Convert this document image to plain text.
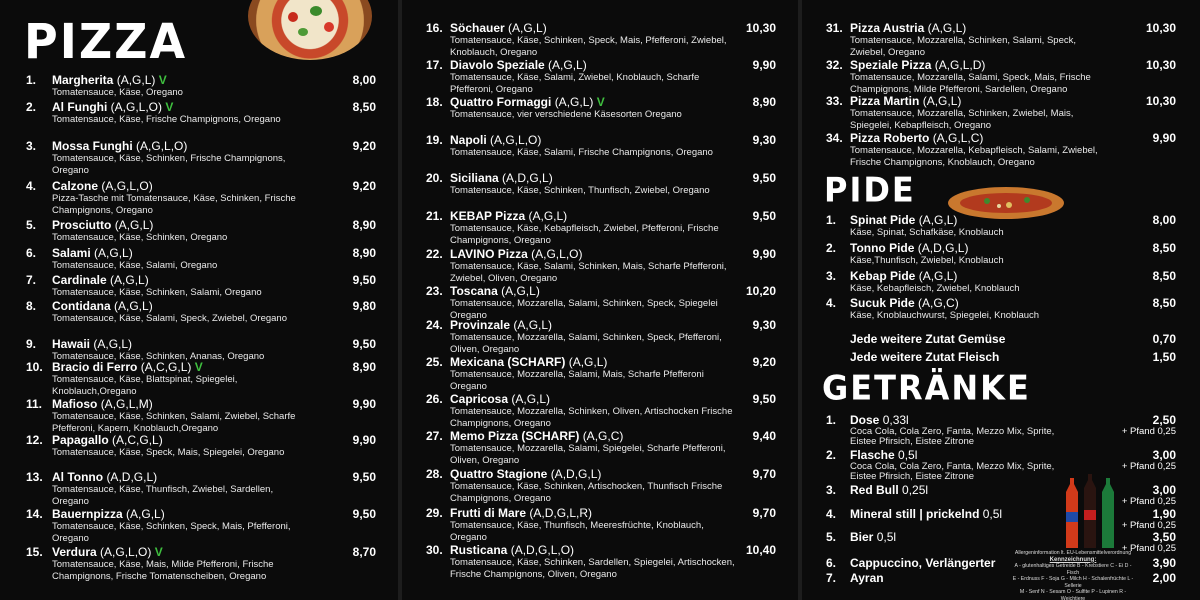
PIZZA
1. Margherita (A,G,L) V	8,00
Tomatensauce, Käse, Oregano
2. Al Funghi (A,G,L,O) V	8,50
Tomatensauce, Käse, Frische Champignons, Oregano
3. Mossa Funghi (A,G,L,O)	9,20
Tomatensauce, Käse, Schinken, Frische Champignons, Oregano
4. Calzone (A,G,L,O)	9,20
Pizza-Tasche mit Tomatensauce, Käse, Schinken, Frische Champignons, Oregano
5. Prosciutto (A,G,L)	8,90
Tomatensauce, Käse, Schinken, Oregano
6. Salami (A,G,L)	8,90
Tomatensauce, Käse, Salami, Oregano
7. Cardinale (A,G,L)	9,50
Tomatensauce, Käse, Schinken, Salami, Oregano
8. Contidana (A,G,L)	9,80
Tomatensauce, Käse, Salami, Speck, Zwiebel, Oregano
9. Hawaii (A,G,L)	9,50
Tomatensauce, Käse, Schinken, Ananas, Oregano
10. Bracio di Ferro (A,C,G,L) V	8,90
Tomatensauce, Käse, Blattspinat, Spiegelei, Knoblauch,Oregano
11. Mafioso (A,G,L,M)	9,90
Tomatensauce, Käse, Schinken, Salami, Zwiebel, Scharfe Pfefferoni, Kapern, Knoblauch,Oregano
12. Papagallo (A,C,G,L)	9,90
Tomatensauce, Käse, Speck, Mais, Spiegelei, Oregano
13. Al Tonno (A,D,G,L)	9,50
Tomatensauce, Käse, Thunfisch, Zwiebel, Sardellen, Oregano
14. Bauernpizza (A,G,L)	9,50
Tomatensauce, Käse, Schinken, Speck, Mais, Pfefferoni, Oregano
15. Verdura (A,G,L,O) V	8,70
Tomatensauce, Käse, Mais, Milde Pfefferoni, Frische Champignons, Frische Tomatenscheiben, Oregano
16. Söchauer (A,G,L)	10,30
Tomatensauce, Käse, Schinken, Speck, Mais, Pfefferoni, Zwiebel, Knoblauch, Oregano
17. Diavolo Speziale (A,G,L)	9,90
Tomatensauce, Käse, Salami, Zwiebel, Knoblauch, Scharfe Pfefferoni, Oregano
18. Quattro Formaggi (A,G,L) V	8,90
Tomatensauce, vier verschiedene Käsesorten Oregano
19. Napoli (A,G,L,O)	9,30
Tomatensauce, Käse, Salami, Frische Champignons, Oregano
20. Siciliana (A,D,G,L)	9,50
Tomatensauce, Käse, Schinken, Thunfisch, Zwiebel, Oregano
21. KEBAP Pizza (A,G,L)	9,50
Tomatensauce, Käse, Kebapfleisch, Zwiebel, Pfefferoni, Frische Champignons, Oregano
22. LAVINO Pizza (A,G,L,O)	9,90
Tomatensauce, Käse, Salami, Schinken, Mais, Scharfe Pfefferoni, Zwiebel, Oliven, Oregano
23. Toscana (A,G,L)	10,20
Tomatensauce, Mozzarella, Salami, Schinken, Speck, Spiegelei Oregano
24. Provinzale (A,G,L)	9,30
Tomatensauce, Mozzarella, Salami, Schinken, Speck, Pfefferoni, Oliven, Oregano
25. Mexicana (SCHARF) (A,G,L)	9,20
Tomatensauce, Mozzarella, Salami, Mais, Scharfe Pfefferoni Oregano
26. Capricosa (A,G,L)	9,50
Tomatensauce, Mozzarella, Schinken, Oliven, Artischocken Frische Champignons, Oregano
27. Memo Pizza (SCHARF) (A,G,C)	9,40
Tomatensauce, Mozzarella, Salami, Spiegelei, Scharfe Pfefferoni, Oliven, Oregano
28. Quattro Stagione (A,D,G,L)	9,70
Tomatensauce, Käse, Schinken, Artischocken, Thunfisch Frische Champignons, Oregano
29. Frutti di Mare (A,D,G,L,R)	9,70
Tomatensauce, Käse, Thunfisch, Meeresfrüchte, Knoblauch, Oregano
30. Rusticana (A,D,G,L,O)	10,40
Tomatensauce, Käse, Schinken, Sardellen, Spiegelei, Artischocken, Frische Champignons, Oliven, Oregano
31. Pizza Austria (A,G,L)	10,30
Tomatensauce, Mozzarella, Schinken, Salami, Speck, Zwiebel, Oregano
32. Speziale Pizza (A,G,L,D)	10,30
Tomatensauce, Mozzarella, Salami, Speck, Mais, Frische Champignons, Milde Pfefferoni, Sardellen, Oregano
33. Pizza Martin (A,G,L)	10,30
Tomatensauce, Mozzarella, Schinken, Zwiebel, Mais, Spiegelei, Kebapfleisch, Oregano
34. Pizza Roberto (A,G,L,C)	9,90
Tomatensauce, Mozzarella, Kebapfleisch, Salami, Zwiebel, Frische Champignons, Knoblauch, Oregano
PIDE
1. Spinat Pide (A,G,L)	8,00
Käse, Spinat, Schafkäse, Knoblauch
2. Tonno Pide (A,D,G,L)	8,50
Käse,Thunfisch, Zwiebel, Knoblauch
3. Kebap Pide (A,G,L)	8,50
Käse, Kebapfleisch, Zwiebel, Knoblauch
4. Sucuk Pide (A,G,C)	8,50
Käse, Knoblauchwurst, Spiegelei, Knoblauch
Jede weitere Zutat Gemüse	0,70
Jede weitere Zutat Fleisch	1,50
GETRÄNKE
1. Dose 0,33l	2,50
Coca Cola, Cola Zero, Fanta, Mezzo Mix, Sprite, Eistee Pfirsich, Eistee Zitrone
+ Pfand 0,25
2. Flasche 0,5l	3,00
Coca Cola, Cola Zero, Fanta, Mezzo Mix, Sprite, Eistee Pfirsich, Eistee Zitrone
+ Pfand 0,25
3. Red Bull 0,25l	3,00
+ Pfand 0,25
4. Mineral still | prickelnd 0,5l	1,90
+ Pfand 0,25
5. Bier 0,5l	3,50
+ Pfand 0,25
6. Cappuccino, Verlängerter	3,90
7. Ayran	2,00
Allergeninformation lt. EU-Lebensmittelverordnung
Kennzeichnung:
A - glutenhaltiges Getreide B - Krebstiere C - Ei D - Fisch
E - Erdnuss F - Soja G - Milch H - Schalenfrüchte L - Sellerie
M - Senf N - Sesam O - Sulfite P - Lupinen R - Weichtiere
